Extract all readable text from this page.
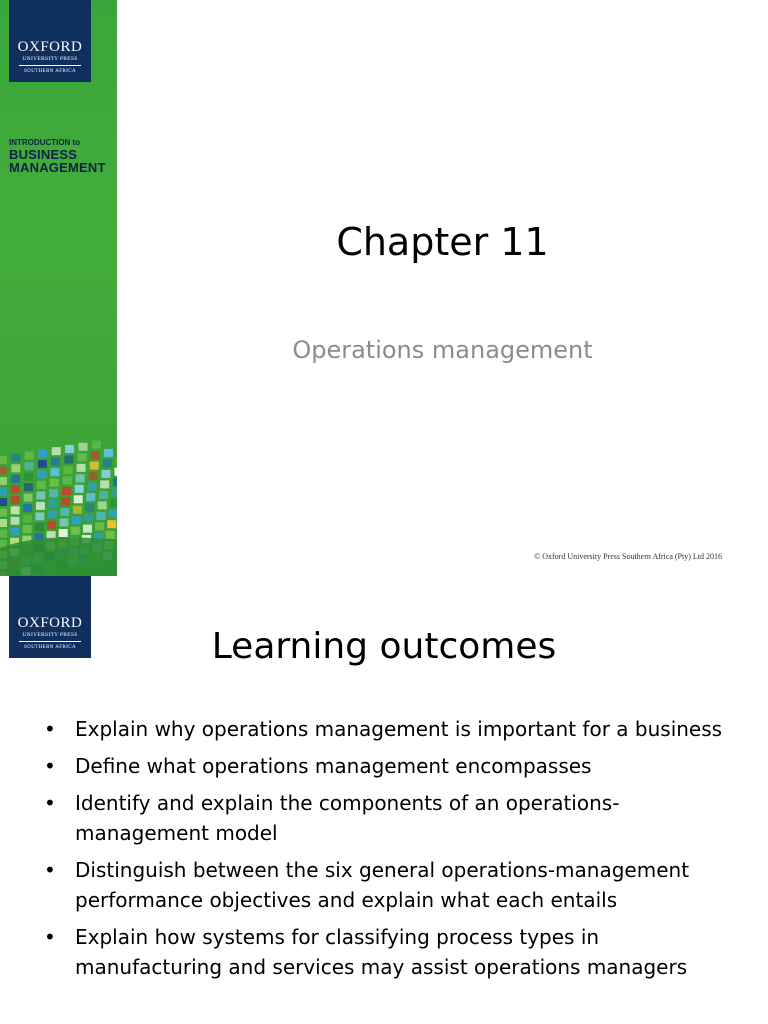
OXFORD
UNIVERSITY PRESS
SOUTHERN AFRICA
INTRODUCTION to
BUSINESS
MANAGEMENT
Chapter 11
Operations management
© Oxford University Press Southern Africa (Pty) Ltd 2016
OXFORD
UNIVERSITY PRESS
SOUTHERN AFRICA	Learning outcomes
• Explain why operations management is important for a business
• Define what operations management encompasses
• Identify and explain the components of an operations-management model
• Distinguish between the six general operations-management performance objectives and explain what each entails
• Explain how systems for classifying process types in manufacturing and services may assist operations managers
